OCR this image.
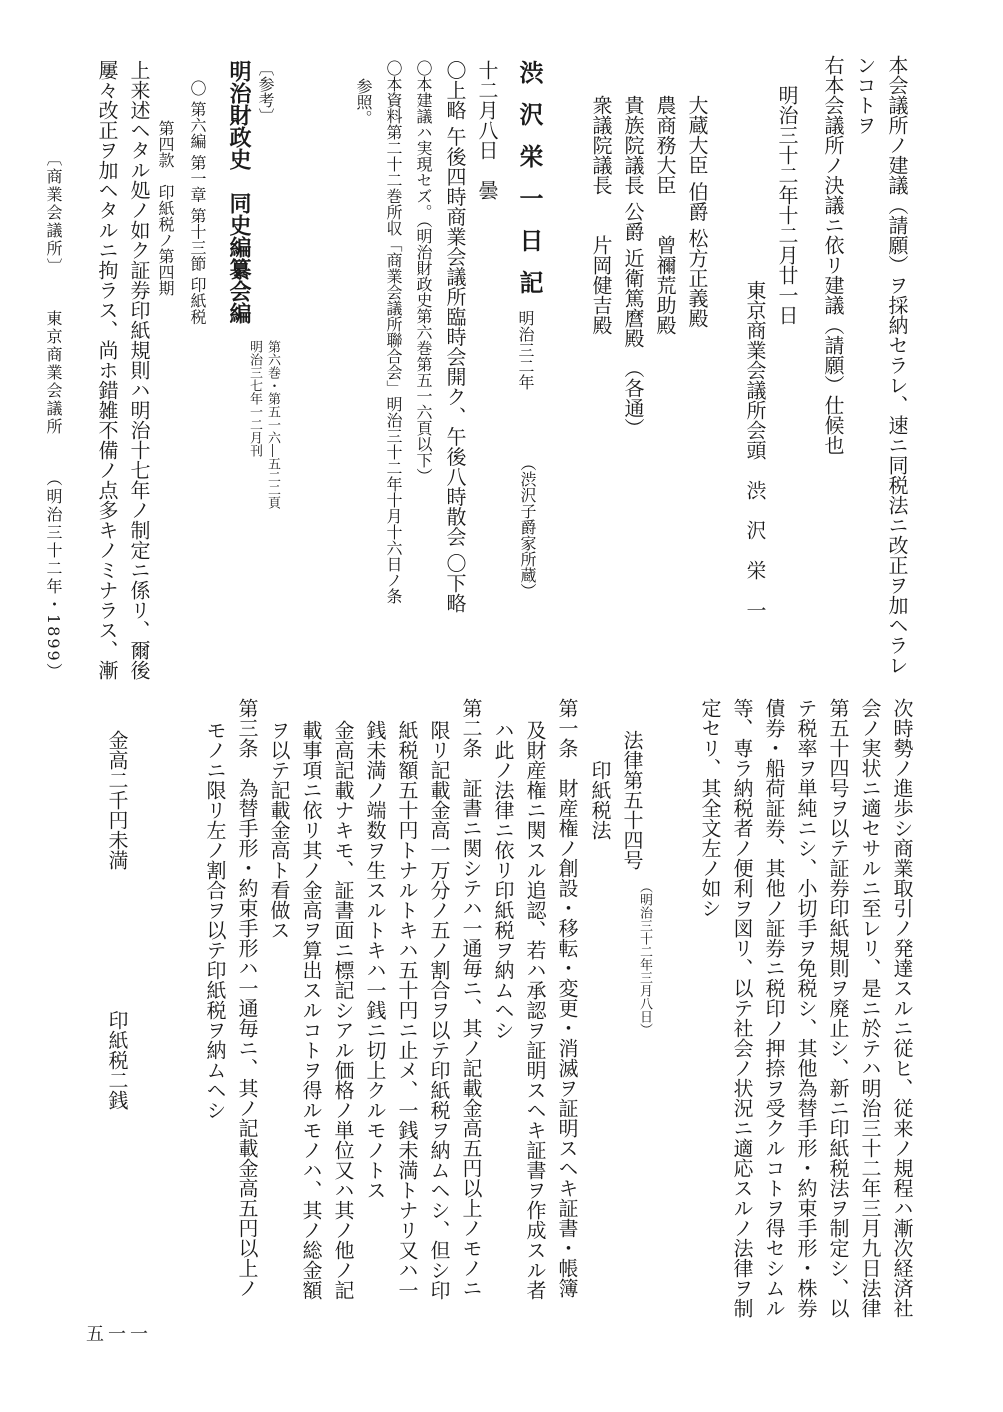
本会議所ノ建議（請願）ヲ採納セラレ、速ニ同税法ニ改正ヲ加ヘラレ
ンコトヲ
右本会議所ノ決議ニ依リ建議（請願）仕候也
明治三十二年十二月廿一日
東京商業会議所会頭　渋　沢　栄　一
大蔵大臣 伯爵 松方正義殿
農商務大臣　　曾禰荒助殿
貴族院議長 公爵 近衛篤麿殿　（各通）
衆議院議長　　片岡健吉殿
渋沢栄一日記
明治三二年
（渋沢子爵家所蔵）
十二月八日　曇
〇上略 午後四時商業会議所臨時会開ク、午後八時散会 〇下略
〇本建議ハ実現セズ。（明治財政史第六巻第五一六頁以下）
〇本資料第二十二巻所収「商業会議所聯合会」明治三十二年十月十六日ノ条
参照。
〔参考〕
明治財政史　同史編纂会編
第六巻・第五一六―五二二頁
明治三七年一二月刊
〇 第六編 第一章 第十三節 印紙税
第四款　印紙税ノ第四期
上来述ヘタル処ノ如ク証券印紙規則ハ明治十七年ノ制定ニ係リ、爾後
屢々改正ヲ加ヘタルニ拘ラス、尚ホ錯雑不備ノ点多キノミナラス、漸
〔商業会議所〕
東京商業会議所
（明治三十二年・1899）
次時勢ノ進歩シ商業取引ノ発達スルニ従ヒ、従来ノ規程ハ漸次経済社
会ノ実状ニ適セサルニ至レリ、是ニ於テハ明治三十二年三月九日法律
第五十四号ヲ以テ証券印紙規則ヲ廃止シ、新ニ印紙税法ヲ制定シ、以
テ税率ヲ単純ニシ、小切手ヲ免税シ、其他為替手形・約束手形・株券
債券・船荷証券、其他ノ証券ニ税印ノ押捺ヲ受クルコトヲ得セシムル
等、専ラ納税者ノ便利ヲ図リ、以テ社会ノ状況ニ適応スルノ法律ヲ制
定セリ、其全文左ノ如シ
法律第五十四号
（明治三十二年三月八日）
印紙税法
第一条　財産権ノ創設・移転・変更・消滅ヲ証明スヘキ証書・帳簿
及財産権ニ関スル追認、若ハ承認ヲ証明スヘキ証書ヲ作成スル者
ハ此ノ法律ニ依リ印紙税ヲ納ムヘシ
第二条　証書ニ関シテハ一通毎ニ、其ノ記載金高五円以上ノモノニ
限リ記載金高一万分ノ五ノ割合ヲ以テ印紙税ヲ納ムヘシ、但シ印
紙税額五十円トナルトキハ五十円ニ止メ、一銭未満トナリ又ハ一
銭未満ノ端数ヲ生スルトキハ一銭ニ切上クルモノトス
金高記載ナキモ、証書面ニ標記シアル価格ノ単位又ハ其ノ他ノ記
載事項ニ依リ其ノ金高ヲ算出スルコトヲ得ルモノハ、其ノ総金額
ヲ以テ記載金高ト看做ス
第三条　為替手形・約束手形ハ一通毎ニ、其ノ記載金高五円以上ノ
モノニ限リ左ノ割合ヲ以テ印紙税ヲ納ムヘシ
金高二千円未満
印紙税二銭
五一一
